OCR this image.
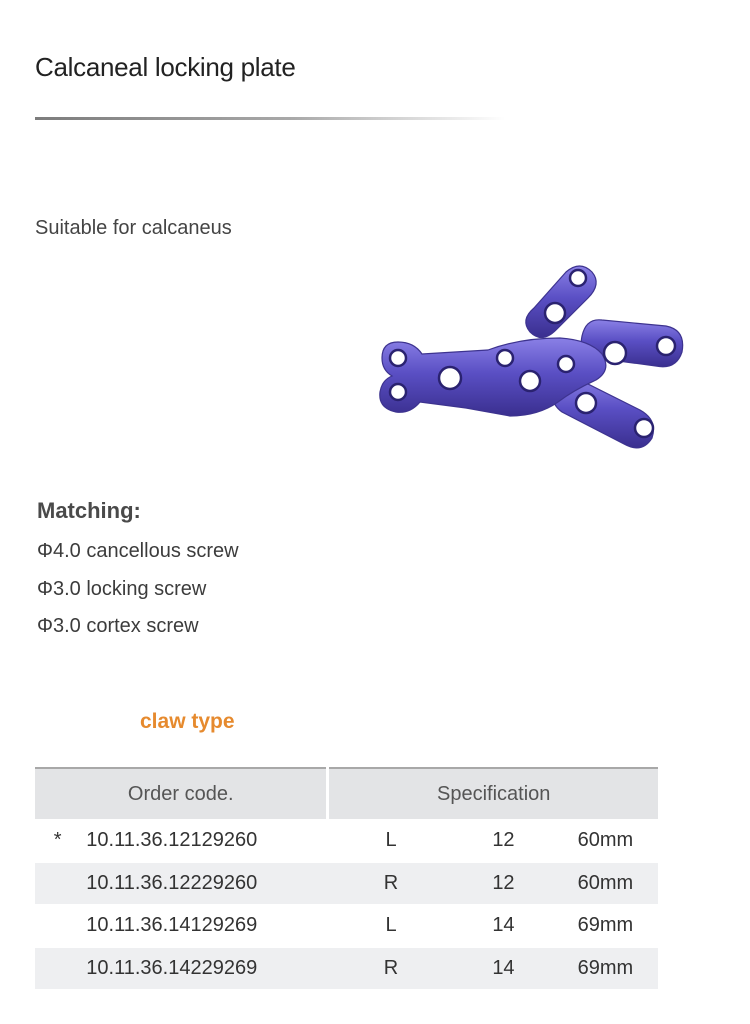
Calcaneal locking plate
Suitable for calcaneus
Matching:
Φ4.0 cancellous screw
Φ3.0 locking screw
Φ3.0 cortex screw
claw type
Order code.		Specification		
*	10.11.36.12129260	L	12	60mm
	10.11.36.12229260	R	12	60mm
	10.11.36.14129269	L	14	69mm
	10.11.36.14229269	R	14	69mm
